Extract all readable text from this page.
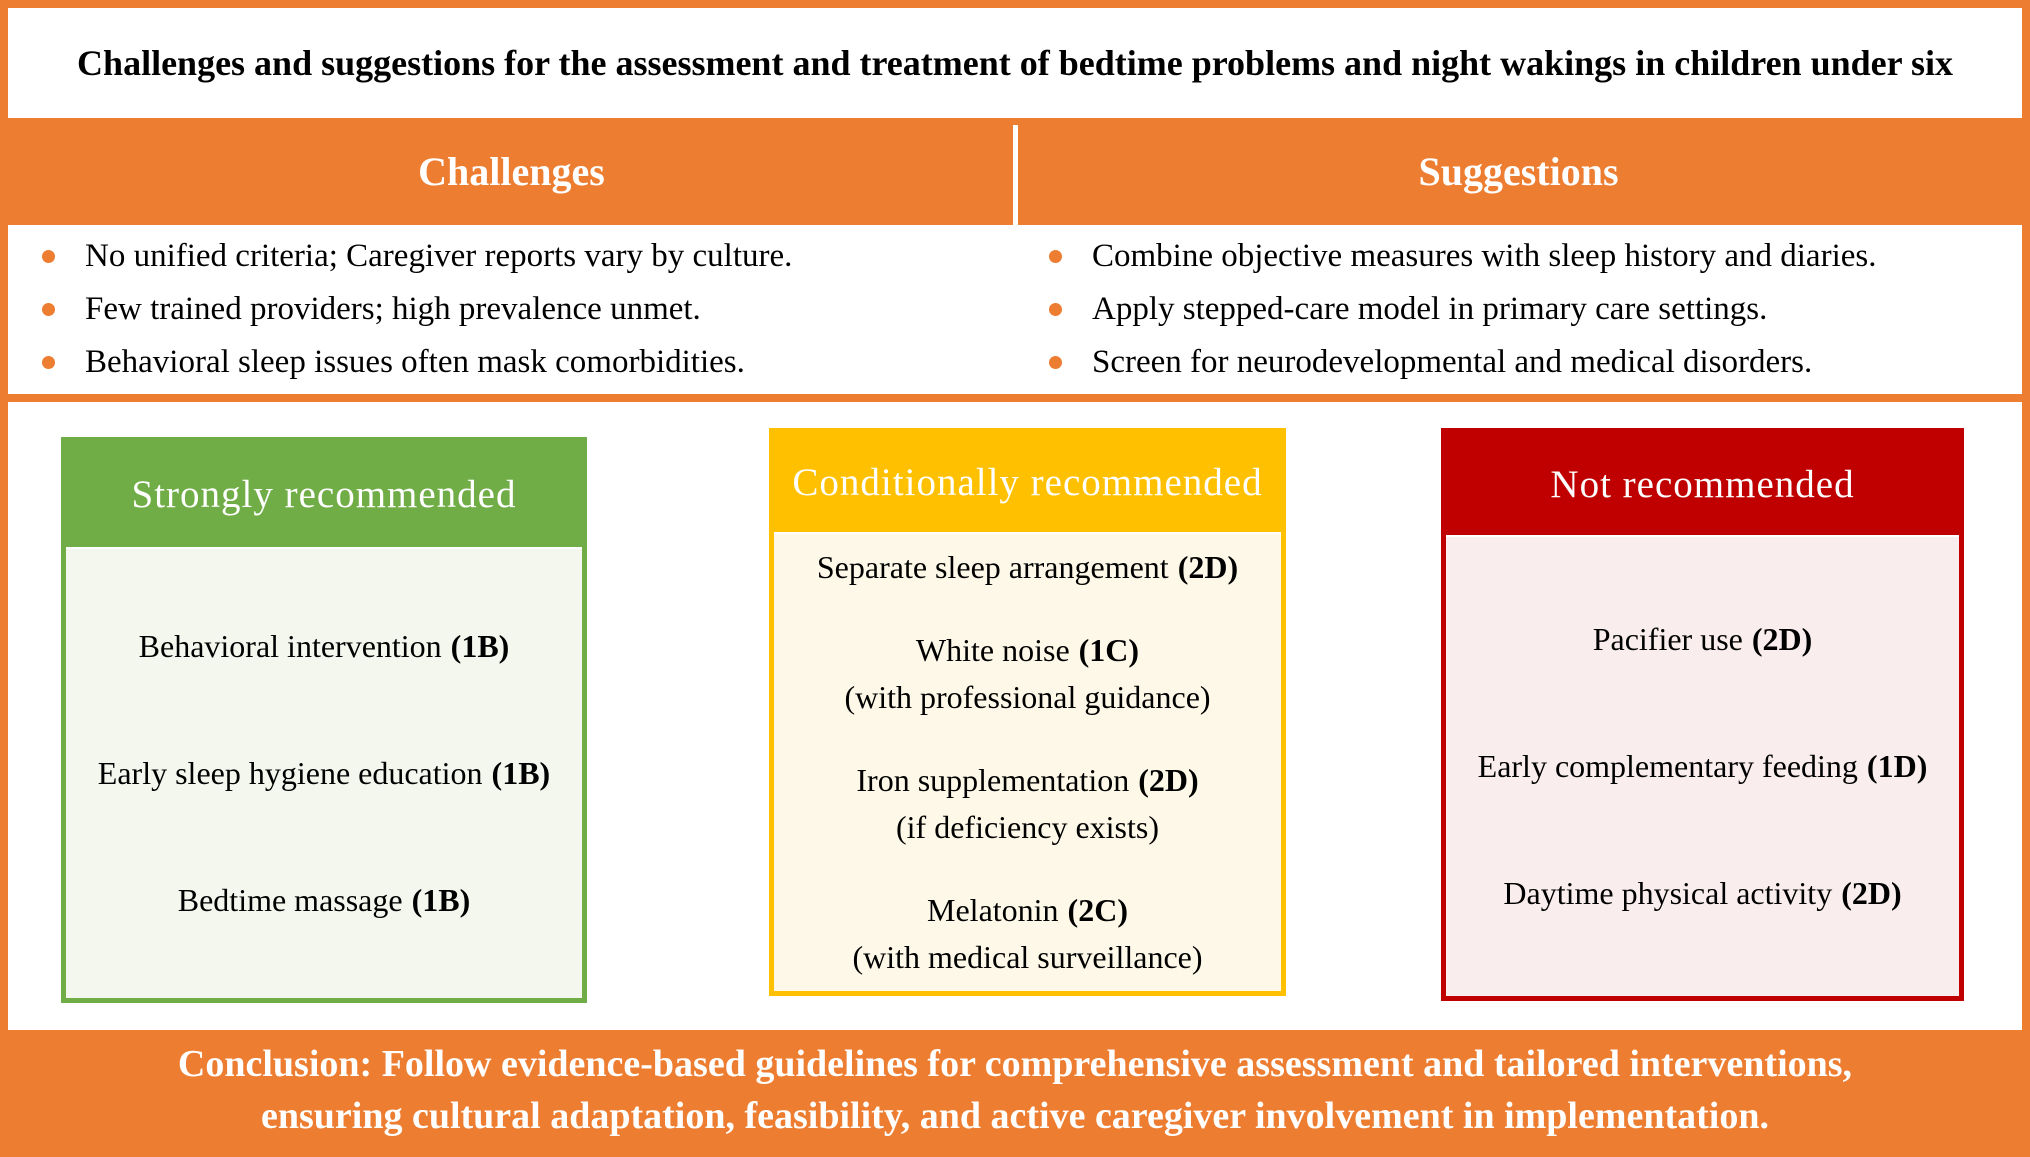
Challenges and suggestions for the assessment and treatment of bedtime problems and night wakings in children under six
Challenges	Suggestions
No unified criteria; Caregiver reports vary by culture.
Few trained providers; high prevalence unmet.
Behavioral sleep issues often mask comorbidities.
Combine objective measures with sleep history and diaries.
Apply stepped-care model in primary care settings.
Screen for neurodevelopmental and medical disorders.
Strongly recommended
Behavioral intervention (1B)
Early sleep hygiene education (1B)
Bedtime massage (1B)
Conditionally recommended
Separate sleep arrangement (2D)
White noise (1C)
(with professional guidance)
Iron supplementation (2D)
(if deficiency exists)
Melatonin (2C)
(with medical surveillance)
Not recommended
Pacifier use (2D)
Early complementary feeding (1D)
Daytime physical activity (2D)
Conclusion: Follow evidence-based guidelines for comprehensive assessment and tailored interventions,
ensuring cultural adaptation, feasibility, and active caregiver involvement in implementation.
